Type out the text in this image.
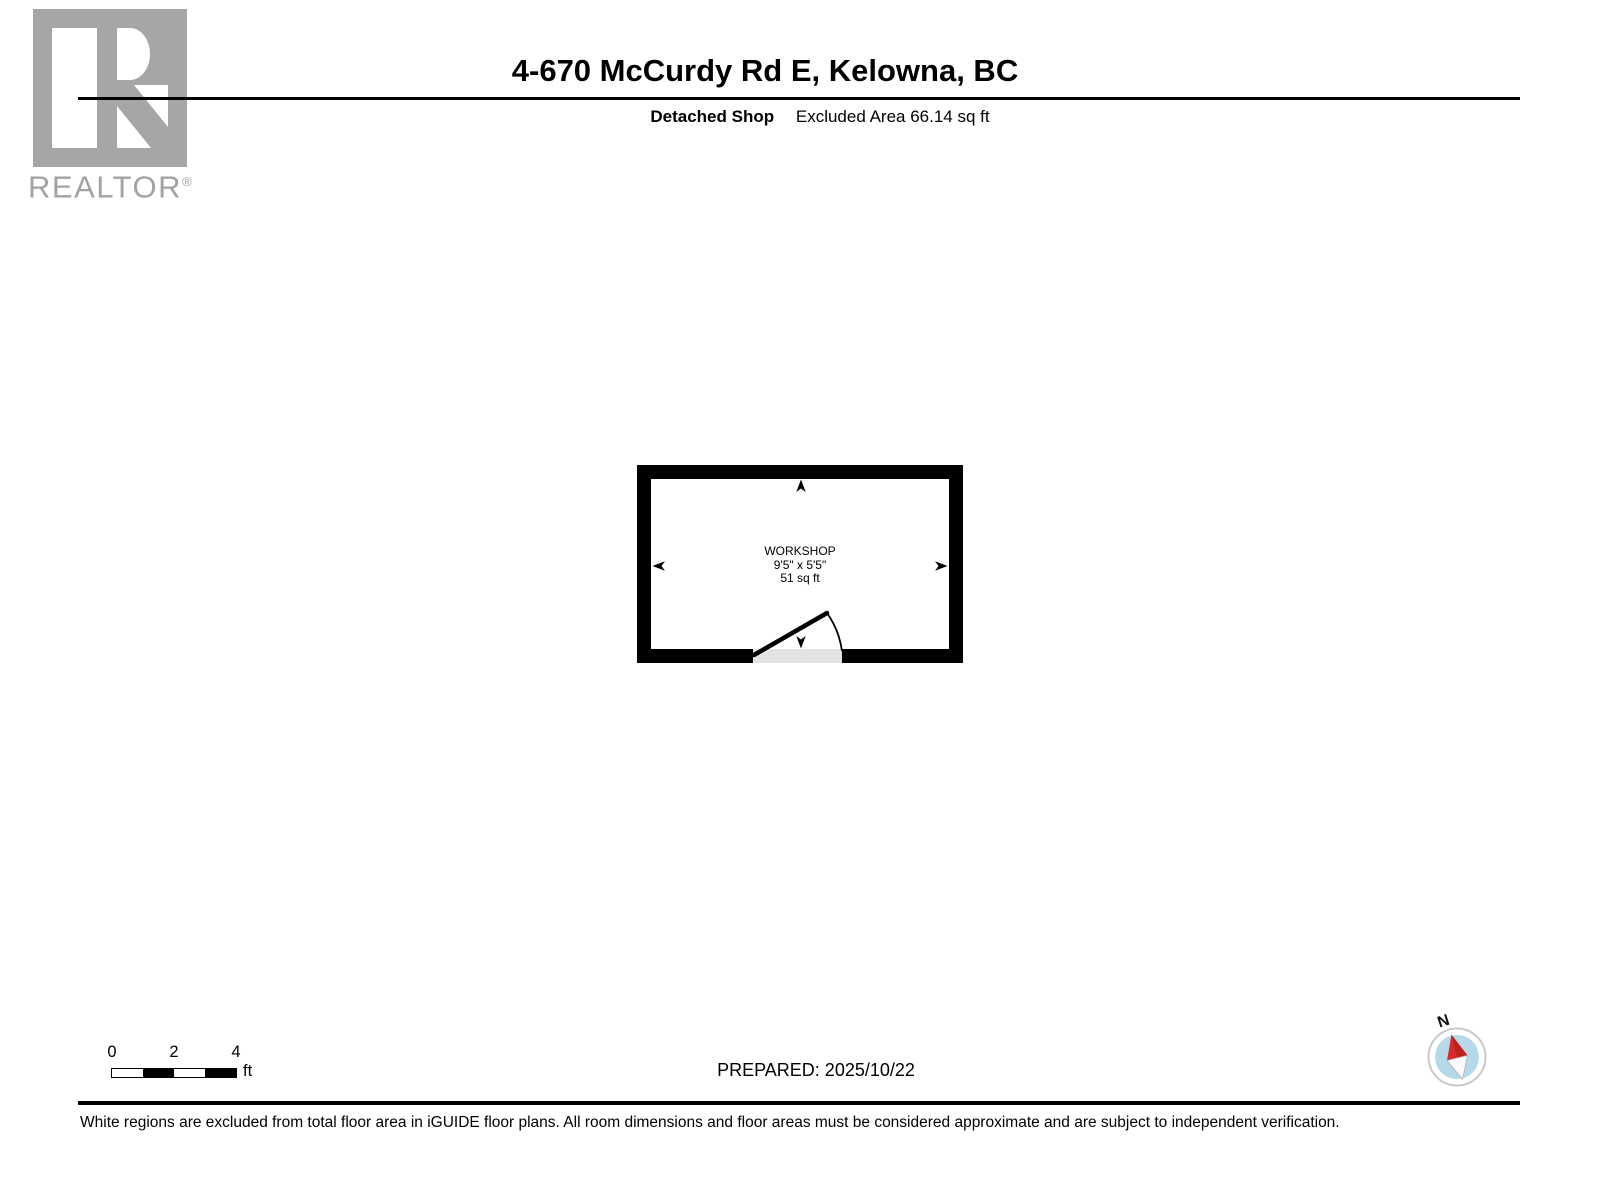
REALTOR®
4-670 McCurdy Rd E, Kelowna, BC
Detached Shop Excluded Area 66.14 sq ft
WORKSHOP
9'5" x 5'5"
51 sq ft
0	2	4
ft	PREPARED: 2025/10/22
N
White regions are excluded from total floor area in iGUIDE floor plans. All room dimensions and floor areas must be considered approximate and are subject to independent verification.
